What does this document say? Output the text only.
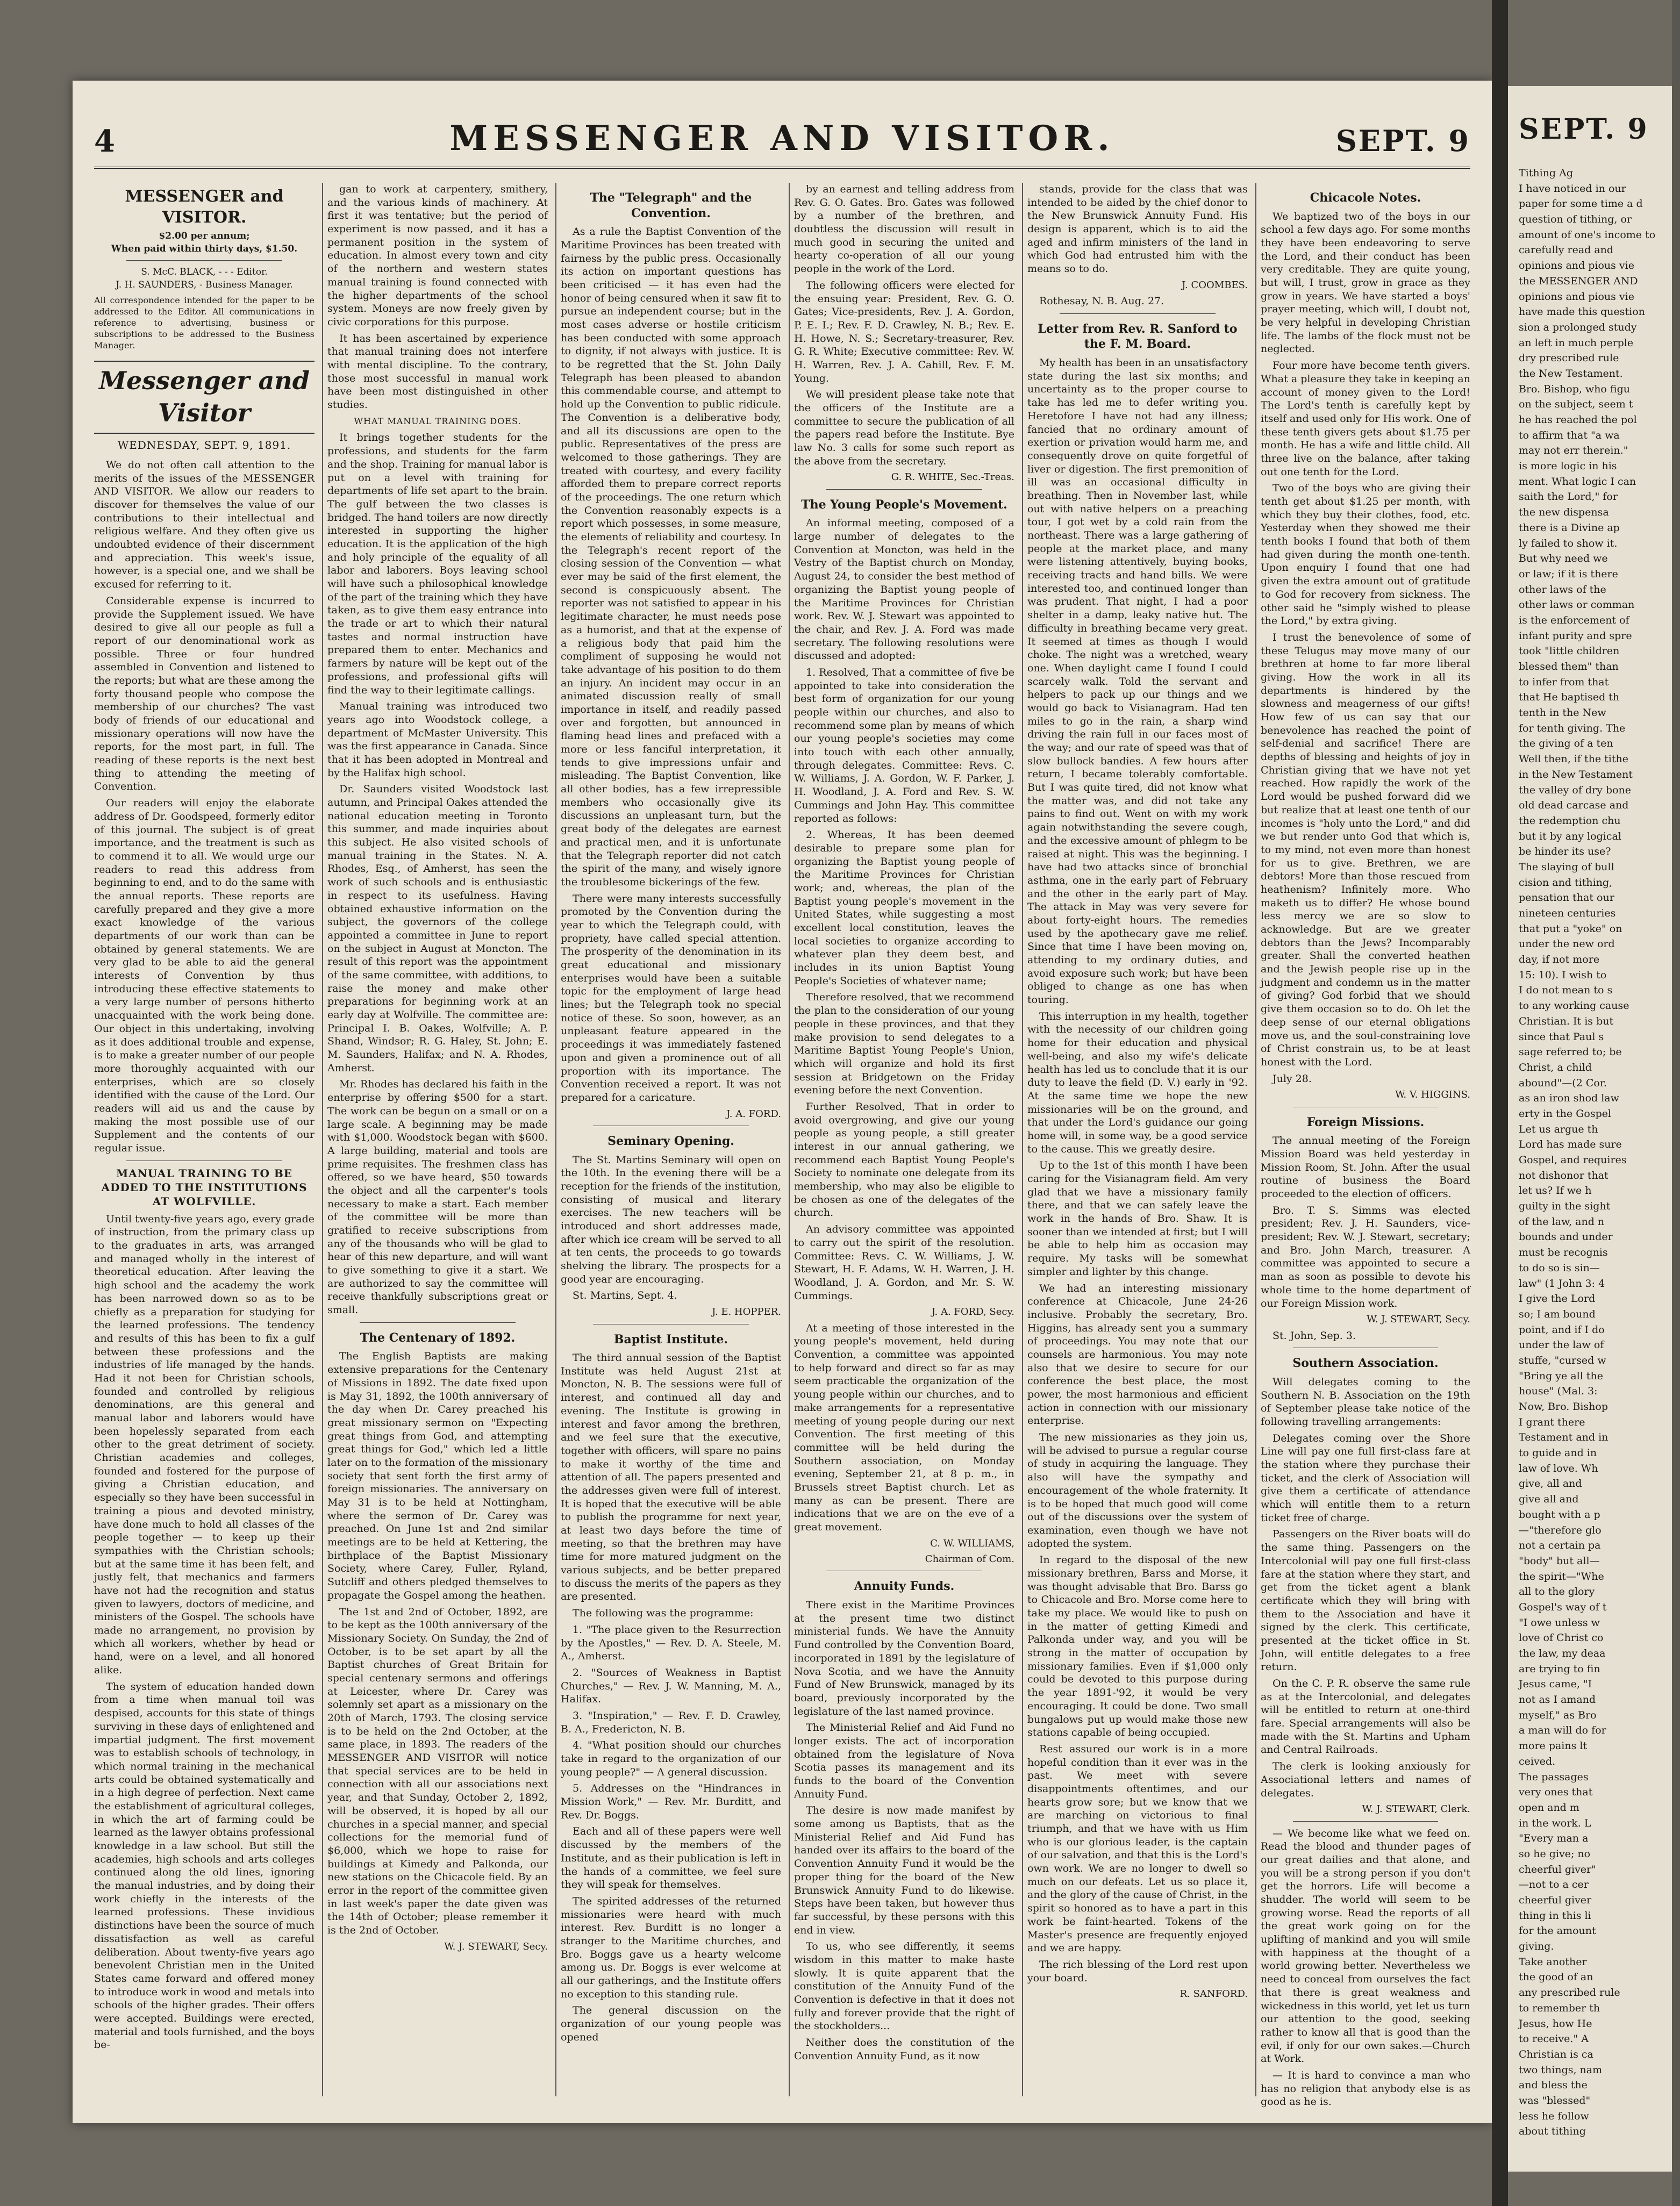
4	MESSENGER AND VISITOR.	SEPT. 9
MESSENGER and VISITOR.
$2.00 per annum;
When paid within thirty days, $1.50.
S. McC. BLACK, - - - Editor.
J. H. SAUNDERS, - Business Manager.
All correspondence intended for the paper to be addressed to the Editor. All communications in reference to advertising, business or subscriptions to be addressed to the Business Manager.
Messenger and Visitor
WEDNESDAY, SEPT. 9, 1891.

We do not often call attention to the merits of the issues of the MESSENGER AND VISITOR. We allow our readers to discover for themselves the value of our contributions to their intellectual and religious welfare. And they often give us undoubted evidence of their discernment and appreciation. This week's issue, however, is a special one, and we shall be excused for referring to it.

Considerable expense is incurred to provide the Supplement issued. We have desired to give all our people as full a report of our denominational work as possible. Three or four hundred assembled in Convention and listened to the reports; but what are these among the forty thousand people who compose the membership of our churches? The vast body of friends of our educational and missionary operations will now have the reports, for the most part, in full. The reading of these reports is the next best thing to attending the meeting of Convention.

Our readers will enjoy the elaborate address of Dr. Goodspeed, formerly editor of this journal. The subject is of great importance, and the treatment is such as to commend it to all. We would urge our readers to read this address from beginning to end, and to do the same with the annual reports. These reports are carefully prepared and they give a more exact knowledge of the various departments of our work than can be obtained by general statements. We are very glad to be able to aid the general interests of Convention by thus introducing these effective statements to a very large number of persons hitherto unacquainted with the work being done. Our object in this undertaking, involving as it does additional trouble and expense, is to make a greater number of our people more thoroughly acquainted with our enterprises, which are so closely identified with the cause of the Lord. Our readers will aid us and the cause by making the most possible use of our Supplement and the contents of our regular issue.

MANUAL TRAINING TO BE ADDED TO THE INSTITUTIONS AT WOLFVILLE.

Until twenty-five years ago, every grade of instruction, from the primary class up to the graduates in arts, was arranged and managed wholly in the interest of theoretical education. After leaving the high school and the academy the work has been narrowed down so as to be chiefly as a preparation for studying for the learned professions. The tendency and results of this has been to fix a gulf between these professions and the industries of life managed by the hands. Had it not been for Christian schools, founded and controlled by religious denominations, are this general and manual labor and laborers would have been hopelessly separated from each other to the great detriment of society. Christian academies and colleges, founded and fostered for the purpose of giving a Christian education, and especially so they have been successful in training a pious and devoted ministry, have done much to hold all classes of the people together — to keep up their sympathies with the Christian schools; but at the same time it has been felt, and justly felt, that mechanics and farmers have not had the recognition and status given to lawyers, doctors of medicine, and ministers of the Gospel. The schools have made no arrangement, no provision by which all workers, whether by head or hand, were on a level, and all honored alike.

The system of education handed down from a time when manual toil was despised, accounts for this state of things surviving in these days of enlightened and impartial judgment. The first movement was to establish schools of technology, in which normal training in the mechanical arts could be obtained systematically and in a high degree of perfection. Next came the establishment of agricultural colleges, in which the art of farming could be learned as the lawyer obtains professional knowledge in a law school. But still the academies, high schools and arts colleges continued along the old lines, ignoring the manual industries, and by doing their work chiefly in the interests of the learned professions. These invidious distinctions have been the source of much dissatisfaction as well as careful deliberation. About twenty-five years ago benevolent Christian men in the United States came forward and offered money to introduce work in wood and metals into schools of the higher grades. Their offers were accepted. Buildings were erected, material and tools furnished, and the boys be-

gan to work at carpentery, smithery, and the various kinds of machinery. At first it was tentative; but the period of experiment is now passed, and it has a permanent position in the system of education. In almost every town and city of the northern and western states manual training is found connected with the higher departments of the school system. Moneys are now freely given by civic corporations for this purpose.

It has been ascertained by experience that manual training does not interfere with mental discipline. To the contrary, those most successful in manual work have been most distinguished in other studies.

WHAT MANUAL TRAINING DOES.

It brings together students for the professions, and students for the farm and the shop. Training for manual labor is put on a level with training for departments of life set apart to the brain. The gulf between the two classes is bridged. The hand toilers are now directly interested in supporting the higher education. It is the application of the high and holy principle of the equality of all labor and laborers. Boys leaving school will have such a philosophical knowledge of the part of the training which they have taken, as to give them easy entrance into the trade or art to which their natural tastes and normal instruction have prepared them to enter. Mechanics and farmers by nature will be kept out of the professions, and professional gifts will find the way to their legitimate callings.

Manual training was introduced two years ago into Woodstock college, a department of McMaster University. This was the first appearance in Canada. Since that it has been adopted in Montreal and by the Halifax high school.

Dr. Saunders visited Woodstock last autumn, and Principal Oakes attended the national education meeting in Toronto this summer, and made inquiries about this subject. He also visited schools of manual training in the States. N. A. Rhodes, Esq., of Amherst, has seen the work of such schools and is enthusiastic in respect to its usefulness. Having obtained exhaustive information on the subject, the governors of the college appointed a committee in June to report on the subject in August at Moncton. The result of this report was the appointment of the same committee, with additions, to raise the money and make other preparations for beginning work at an early day at Wolfville. The committee are: Principal I. B. Oakes, Wolfville; A. P. Shand, Windsor; R. G. Haley, St. John; E. M. Saunders, Halifax; and N. A. Rhodes, Amherst.

Mr. Rhodes has declared his faith in the enterprise by offering $500 for a start. The work can be begun on a small or on a large scale. A beginning may be made with $1,000. Woodstock began with $600. A large building, material and tools are prime requisites. The freshmen class has offered, so we have heard, $50 towards the object and all the carpenter's tools necessary to make a start. Each member of the committee will be more than gratified to receive subscriptions from any of the thousands who will be glad to hear of this new departure, and will want to give something to give it a start. We are authorized to say the committee will receive thankfully subscriptions great or small.

The Centenary of 1892.

The English Baptists are making extensive preparations for the Centenary of Missions in 1892. The date fixed upon is May 31, 1892, the 100th anniversary of the day when Dr. Carey preached his great missionary sermon on "Expecting great things from God, and attempting great things for God," which led a little later on to the formation of the missionary society that sent forth the first army of foreign missionaries. The anniversary on May 31 is to be held at Nottingham, where the sermon of Dr. Carey was preached. On June 1st and 2nd similar meetings are to be held at Kettering, the birthplace of the Baptist Missionary Society, where Carey, Fuller, Ryland, Sutcliff and others pledged themselves to propagate the Gospel among the heathen.

The 1st and 2nd of October, 1892, are to be kept as the 100th anniversary of the Missionary Society. On Sunday, the 2nd of October, is to be set apart by all the Baptist churches of Great Britain for special centenary sermons and offerings at Leicester, where Dr. Carey was solemnly set apart as a missionary on the 20th of March, 1793. The closing service is to be held on the 2nd October, at the same place, in 1893. The readers of the MESSENGER AND VISITOR will notice that special services are to be held in connection with all our associations next year, and that Sunday, October 2, 1892, will be observed, it is hoped by all our churches in a special manner, and special collections for the memorial fund of $6,000, which we hope to raise for buildings at Kimedy and Palkonda, our new stations on the Chicacole field. By an error in the report of the committee given in last week's paper the date given was the 14th of October; please remember it is the 2nd of October.

W. J. STEWART, Secy.
The "Telegraph" and the Convention.

As a rule the Baptist Convention of the Maritime Provinces has been treated with fairness by the public press. Occasionally its action on important questions has been criticised — it has even had the honor of being censured when it saw fit to pursue an independent course; but in the most cases adverse or hostile criticism has been conducted with some approach to dignity, if not always with justice. It is to be regretted that the St. John Daily Telegraph has been pleased to abandon this commendable course, and attempt to hold up the Convention to public ridicule. The Convention is a deliberative body, and all its discussions are open to the public. Representatives of the press are welcomed to those gatherings. They are treated with courtesy, and every facility afforded them to prepare correct reports of the proceedings. The one return which the Convention reasonably expects is a report which possesses, in some measure, the elements of reliability and courtesy. In the Telegraph's recent report of the closing session of the Convention — what ever may be said of the first element, the second is conspicuously absent. The reporter was not satisfied to appear in his legitimate character, he must needs pose as a humorist, and that at the expense of a religious body that paid him the compliment of supposing he would not take advantage of his position to do them an injury. An incident may occur in an animated discussion really of small importance in itself, and readily passed over and forgotten, but announced in flaming head lines and prefaced with a more or less fanciful interpretation, it tends to give impressions unfair and misleading. The Baptist Convention, like all other bodies, has a few irrepressible members who occasionally give its discussions an unpleasant turn, but the great body of the delegates are earnest and practical men, and it is unfortunate that the Telegraph reporter did not catch the spirit of the many, and wisely ignore the troublesome bickerings of the few.

There were many interests successfully promoted by the Convention during the year to which the Telegraph could, with propriety, have called special attention. The prosperity of the denomination in its great educational and missionary enterprises would have been a suitable topic for the employment of large head lines; but the Telegraph took no special notice of these. So soon, however, as an unpleasant feature appeared in the proceedings it was immediately fastened upon and given a prominence out of all proportion with its importance. The Convention received a report. It was not prepared for a caricature.

J. A. FORD.
Seminary Opening.

The St. Martins Seminary will open on the 10th. In the evening there will be a reception for the friends of the institution, consisting of musical and literary exercises. The new teachers will be introduced and short addresses made, after which ice cream will be served to all at ten cents, the proceeds to go towards shelving the library. The prospects for a good year are encouraging.

St. Martins, Sept. 4.

J. E. HOPPER.
Baptist Institute.

The third annual session of the Baptist Institute was held August 21st at Moncton, N. B. The sessions were full of interest, and continued all day and evening. The Institute is growing in interest and favor among the brethren, and we feel sure that the executive, together with officers, will spare no pains to make it worthy of the time and attention of all. The papers presented and the addresses given were full of interest. It is hoped that the executive will be able to publish the programme for next year, at least two days before the time of meeting, so that the brethren may have time for more matured judgment on the various subjects, and be better prepared to discuss the merits of the papers as they are presented.

The following was the programme:

1. "The place given to the Resurrection by the Apostles," — Rev. D. A. Steele, M. A., Amherst.

2. "Sources of Weakness in Baptist Churches," — Rev. J. W. Manning, M. A., Halifax.

3. "Inspiration," — Rev. F. D. Crawley, B. A., Fredericton, N. B.

4. "What position should our churches take in regard to the organization of our young people?" — A general discussion.

5. Addresses on the "Hindrances in Mission Work," — Rev. Mr. Burditt, and Rev. Dr. Boggs.

Each and all of these papers were well discussed by the members of the Institute, and as their publication is left in the hands of a committee, we feel sure they will speak for themselves.

The spirited addresses of the returned missionaries were heard with much interest. Rev. Burditt is no longer a stranger to the Maritime churches, and Bro. Boggs gave us a hearty welcome among us. Dr. Boggs is ever welcome at all our gatherings, and the Institute offers no exception to this standing rule.

The general discussion on the organization of our young people was opened

by an earnest and telling address from Rev. G. O. Gates. Bro. Gates was followed by a number of the brethren, and doubtless the discussion will result in much good in securing the united and hearty co-operation of all our young people in the work of the Lord.

The following officers were elected for the ensuing year: President, Rev. G. O. Gates; Vice-presidents, Rev. J. A. Gordon, P. E. I.; Rev. F. D. Crawley, N. B.; Rev. E. H. Howe, N. S.; Secretary-treasurer, Rev. G. R. White; Executive committee: Rev. W. H. Warren, Rev. J. A. Cahill, Rev. F. M. Young.

We will president please take note that the officers of the Institute are a committee to secure the publication of all the papers read before the Institute. Bye law No. 3 calls for some such report as the above from the secretary.

G. R. WHITE, Sec.-Treas.
The Young People's Movement.

An informal meeting, composed of a large number of delegates to the Convention at Moncton, was held in the Vestry of the Baptist church on Monday, August 24, to consider the best method of organizing the Baptist young people of the Maritime Provinces for Christian work. Rev. W. J. Stewart was appointed to the chair, and Rev. J. A. Ford was made secretary. The following resolutions were discussed and adopted:

1. Resolved, That a committee of five be appointed to take into consideration the best form of organization for our young people within our churches, and also to recommend some plan by means of which our young people's societies may come into touch with each other annually, through delegates. Committee: Revs. C. W. Williams, J. A. Gordon, W. F. Parker, J. H. Woodland, J. A. Ford and Rev. S. W. Cummings and John Hay. This committee reported as follows:

2. Whereas, It has been deemed desirable to prepare some plan for organizing the Baptist young people of the Maritime Provinces for Christian work; and, whereas, the plan of the Baptist young people's movement in the United States, while suggesting a most excellent local constitution, leaves the local societies to organize according to whatever plan they deem best, and includes in its union Baptist Young People's Societies of whatever name;

Therefore resolved, that we recommend the plan to the consideration of our young people in these provinces, and that they make provision to send delegates to a Maritime Baptist Young People's Union, which will organize and hold its first session at Bridgetown on the Friday evening before the next Convention.

Further Resolved, That in order to avoid overgrowing, and give our young people as young people, a still greater interest in our annual gathering, we recommend each Baptist Young People's Society to nominate one delegate from its membership, who may also be eligible to be chosen as one of the delegates of the church.

An advisory committee was appointed to carry out the spirit of the resolution. Committee: Revs. C. W. Williams, J. W. Stewart, H. F. Adams, W. H. Warren, J. H. Woodland, J. A. Gordon, and Mr. S. W. Cummings.

J. A. FORD, Secy.

At a meeting of those interested in the young people's movement, held during Convention, a committee was appointed to help forward and direct so far as may seem practicable the organization of the young people within our churches, and to make arrangements for a representative meeting of young people during our next Convention. The first meeting of this committee will be held during the Southern association, on Monday evening, September 21, at 8 p. m., in Brussels street Baptist church. Let as many as can be present. There are indications that we are on the eve of a great movement.

C. W. WILLIAMS,
Chairman of Com.
Annuity Funds.

There exist in the Maritime Provinces at the present time two distinct ministerial funds. We have the Annuity Fund controlled by the Convention Board, incorporated in 1891 by the legislature of Nova Scotia, and we have the Annuity Fund of New Brunswick, managed by its board, previously incorporated by the legislature of the last named province.

The Ministerial Relief and Aid Fund no longer exists. The act of incorporation obtained from the legislature of Nova Scotia passes its management and its funds to the board of the Convention Annuity Fund.

The desire is now made manifest by some among us Baptists, that as the Ministerial Relief and Aid Fund has handed over its affairs to the board of the Convention Annuity Fund it would be the proper thing for the board of the New Brunswick Annuity Fund to do likewise. Steps have been taken, but however thus far successful, by these persons with this end in view.

To us, who see differently, it seems wisdom in this matter to make haste slowly. It is quite apparent that the constitution of the Annuity Fund of the Convention is defective in that it does not fully and forever provide that the right of the stockholders...

Neither does the constitution of the Convention Annuity Fund, as it now

stands, provide for the class that was intended to be aided by the chief donor to the New Brunswick Annuity Fund. His design is apparent, which is to aid the aged and infirm ministers of the land in which God had entrusted him with the means so to do.

J. COOMBES.

Rothesay, N. B. Aug. 27.

Letter from Rev. R. Sanford to the F. M. Board.

My health has been in an unsatisfactory state during the last six months; and uncertainty as to the proper course to take has led me to defer writing you. Heretofore I have not had any illness; fancied that no ordinary amount of exertion or privation would harm me, and consequently drove on quite forgetful of liver or digestion. The first premonition of ill was an occasional difficulty in breathing. Then in November last, while out with native helpers on a preaching tour, I got wet by a cold rain from the northeast. There was a large gathering of people at the market place, and many were listening attentively, buying books, receiving tracts and hand bills. We were interested too, and continued longer than was prudent. That night, I had a poor shelter in a damp, leaky native hut. The difficulty in breathing became very great. It seemed at times as though I would choke. The night was a wretched, weary one. When daylight came I found I could scarcely walk. Told the servant and helpers to pack up our things and we would go back to Visianagram. Had ten miles to go in the rain, a sharp wind driving the rain full in our faces most of the way; and our rate of speed was that of slow bullock bandies. A few hours after return, I became tolerably comfortable. But I was quite tired, did not know what the matter was, and did not take any pains to find out. Went on with my work again notwithstanding the severe cough, and the excessive amount of phlegm to be raised at night. This was the beginning. I have had two attacks since of bronchial asthma, one in the early part of February and the other in the early part of May. The attack in May was very severe for about forty-eight hours. The remedies used by the apothecary gave me relief. Since that time I have been moving on, attending to my ordinary duties, and avoid exposure such work; but have been obliged to change as one has when touring.

This interruption in my health, together with the necessity of our children going home for their education and physical well-being, and also my wife's delicate health has led us to conclude that it is our duty to leave the field (D. V.) early in '92. At the same time we hope the new missionaries will be on the ground, and that under the Lord's guidance our going home will, in some way, be a good service to the cause. This we greatly desire.

Up to the 1st of this month I have been caring for the Visianagram field. Am very glad that we have a missionary family there, and that we can safely leave the work in the hands of Bro. Shaw. It is sooner than we intended at first; but I will be able to help him as occasion may require. My tasks will be somewhat simpler and lighter by this change.

We had an interesting missionary conference at Chicacole, June 24-26 inclusive. Probably the secretary, Bro. Higgins, has already sent you a summary of proceedings. You may note that our counsels are harmonious. You may note also that we desire to secure for our conference the best place, the most power, the most harmonious and efficient action in connection with our missionary enterprise.

The new missionaries as they join us, will be advised to pursue a regular course of study in acquiring the language. They also will have the sympathy and encouragement of the whole fraternity. It is to be hoped that much good will come out of the discussions over the system of examination, even though we have not adopted the system.

In regard to the disposal of the new missionary brethren, Barss and Morse, it was thought advisable that Bro. Barss go to Chicacole and Bro. Morse come here to take my place. We would like to push on in the matter of getting Kimedi and Palkonda under way, and you will be strong in the matter of occupation by missionary families. Even if $1,000 only could be devoted to this purpose during the year 1891-'92, it would be very encouraging. It could be done. Two small bungalows put up would make those new stations capable of being occupied.

Rest assured our work is in a more hopeful condition than it ever was in the past. We meet with severe disappointments oftentimes, and our hearts grow sore; but we know that we are marching on victorious to final triumph, and that we have with us Him who is our glorious leader, is the captain of our salvation, and that this is the Lord's own work. We are no longer to dwell so much on our defeats. Let us so place it, and the glory of the cause of Christ, in the spirit so honored as to have a part in this work be faint-hearted. Tokens of the Master's presence are frequently enjoyed and we are happy.

The rich blessing of the Lord rest upon your board.

R. SANFORD.
Chicacole Notes.

We baptized two of the boys in our school a few days ago. For some months they have been endeavoring to serve the Lord, and their conduct has been very creditable. They are quite young, but will, I trust, grow in grace as they grow in years. We have started a boys' prayer meeting, which will, I doubt not, be very helpful in developing Christian life. The lambs of the flock must not be neglected.

Four more have become tenth givers. What a pleasure they take in keeping an account of money given to the Lord! The Lord's tenth is carefully kept by itself and used only for His work. One of these tenth givers gets about $1.75 per month. He has a wife and little child. All three live on the balance, after taking out one tenth for the Lord.

Two of the boys who are giving their tenth get about $1.25 per month, with which they buy their clothes, food, etc. Yesterday when they showed me their tenth books I found that both of them had given during the month one-tenth. Upon enquiry I found that one had given the extra amount out of gratitude to God for recovery from sickness. The other said he "simply wished to please the Lord," by extra giving.

I trust the benevolence of some of these Telugus may move many of our brethren at home to far more liberal giving. How the work in all its departments is hindered by the slowness and meagerness of our gifts! How few of us can say that our benevolence has reached the point of self-denial and sacrifice! There are depths of blessing and heights of joy in Christian giving that we have not yet reached. How rapidly the work of the Lord would be pushed forward did we but realize that at least one tenth of our incomes is "holy unto the Lord," and did we but render unto God that which is, to my mind, not even more than honest for us to give. Brethren, we are debtors! More than those rescued from heathenism? Infinitely more. Who maketh us to differ? He whose bound less mercy we are so slow to acknowledge. But are we greater debtors than the Jews? Incomparably greater. Shall the converted heathen and the Jewish people rise up in the judgment and condemn us in the matter of giving? God forbid that we should give them occasion so to do. Oh let the deep sense of our eternal obligations move us, and the soul-constraining love of Christ constrain us, to be at least honest with the Lord.

July 28.

W. V. HIGGINS.
Foreign Missions.

The annual meeting of the Foreign Mission Board was held yesterday in Mission Room, St. John. After the usual routine of business the Board proceeded to the election of officers.

Bro. T. S. Simms was elected president; Rev. J. H. Saunders, vice-president; Rev. W. J. Stewart, secretary; and Bro. John March, treasurer. A committee was appointed to secure a man as soon as possible to devote his whole time to the home department of our Foreign Mission work.

W. J. STEWART, Secy.

St. John, Sep. 3.

Southern Association.

Will delegates coming to the Southern N. B. Association on the 19th of September please take notice of the following travelling arrangements:

Delegates coming over the Shore Line will pay one full first-class fare at the station where they purchase their ticket, and the clerk of Association will give them a certificate of attendance which will entitle them to a return ticket free of charge.

Passengers on the River boats will do the same thing. Passengers on the Intercolonial will pay one full first-class fare at the station where they start, and get from the ticket agent a blank certificate which they will bring with them to the Association and have it signed by the clerk. This certificate, presented at the ticket office in St. John, will entitle delegates to a free return.

On the C. P. R. observe the same rule as at the Intercolonial, and delegates will be entitled to return at one-third fare. Special arrangements will also be made with the St. Martins and Upham and Central Railroads.

The clerk is looking anxiously for Associational letters and names of delegates.

W. J. STEWART, Clerk.

— We become like what we feed on. Read the blood and thunder pages of our great dailies and that alone, and you will be a strong person if you don't get the horrors. Life will become a shudder. The world will seem to be growing worse. Read the reports of all the great work going on for the uplifting of mankind and you will smile with happiness at the thought of a world growing better. Nevertheless we need to conceal from ourselves the fact that there is great weakness and wickedness in this world, yet let us turn our attention to the good, seeking rather to know all that is good than the evil, if only for our own sakes.—Church at Work.

— It is hard to convince a man who has no religion that anybody else is as good as he is.

SEPT. 9

Tithing Ag

I have noticed in our

paper for some time a d

question of tithing, or

amount of one's income to

carefully read and

opinions and pious vie

the MESSENGER AND

opinions and pious vie

have made this question

sion a prolonged study

an left in much perple

dry prescribed rule

the New Testament.

Bro. Bishop, who figu

on the subject, seem t

he has reached the pol

to affirm that "a wa

may not err therein."

is more logic in his

ment. What logic I can

saith the Lord," for

the new dispensa

there is a Divine ap

ly failed to show it.

But why need we

or law; if it is there

other laws of the

other laws or comman

is the enforcement of

infant purity and spre

took "little children

blessed them" than

to infer from that

that He baptised th

tenth in the New

for tenth giving. The

the giving of a ten

Well then, if the tithe

in the New Testament

the valley of dry bone

old dead carcase and

the redemption chu

but it by any logical

be hinder its use?

The slaying of bull

cision and tithing,

pensation that our

nineteen centuries

that put a "yoke" on

under the new ord

day, if not more

15: 10). I wish to

I do not mean to s

to any working cause

Christian. It is but

since that Paul s

sage referred to; be

Christ, a child

abound"—(2 Cor.

as an iron shod law

erty in the Gospel

Let us argue th

Lord has made sure

Gospel, and requires

not dishonor that

let us? If we h

guilty in the sight

of the law, and n

bounds and under

must be recognis

to do so is sin—

law" (1 John 3: 4

I give the Lord

so; I am bound

point, and if I do

under the law of

stuffe, "cursed w

"Bring ye all the

house" (Mal. 3:

Now, Bro. Bishop

I grant there

Testament and in

to guide and in

law of love. Wh

give, all and

give all and

bought with a p

—"therefore glo

not a certain pa

"body" but all—

the spirit—"Whe

all to the glory

Gospel's way of t

"I owe unless w

love of Christ co

the law, my deaa

are trying to fin

Jesus came, "I

not as I amand

myself," as Bro

a man will do for

more pains lt

ceived.

The passages

very ones that

open and m

in the work. L

"Every man a

so he give; no

cheerful giver"

—not to a cer

cheerful giver

thing in this li

for the amount

giving.

Take another

the good of an

any prescribed rule

to remember th

Jesus, how He

to receive." A

Christian is ca

two things, nam

and bless the

was "blessed"

less he follow

about tithing
